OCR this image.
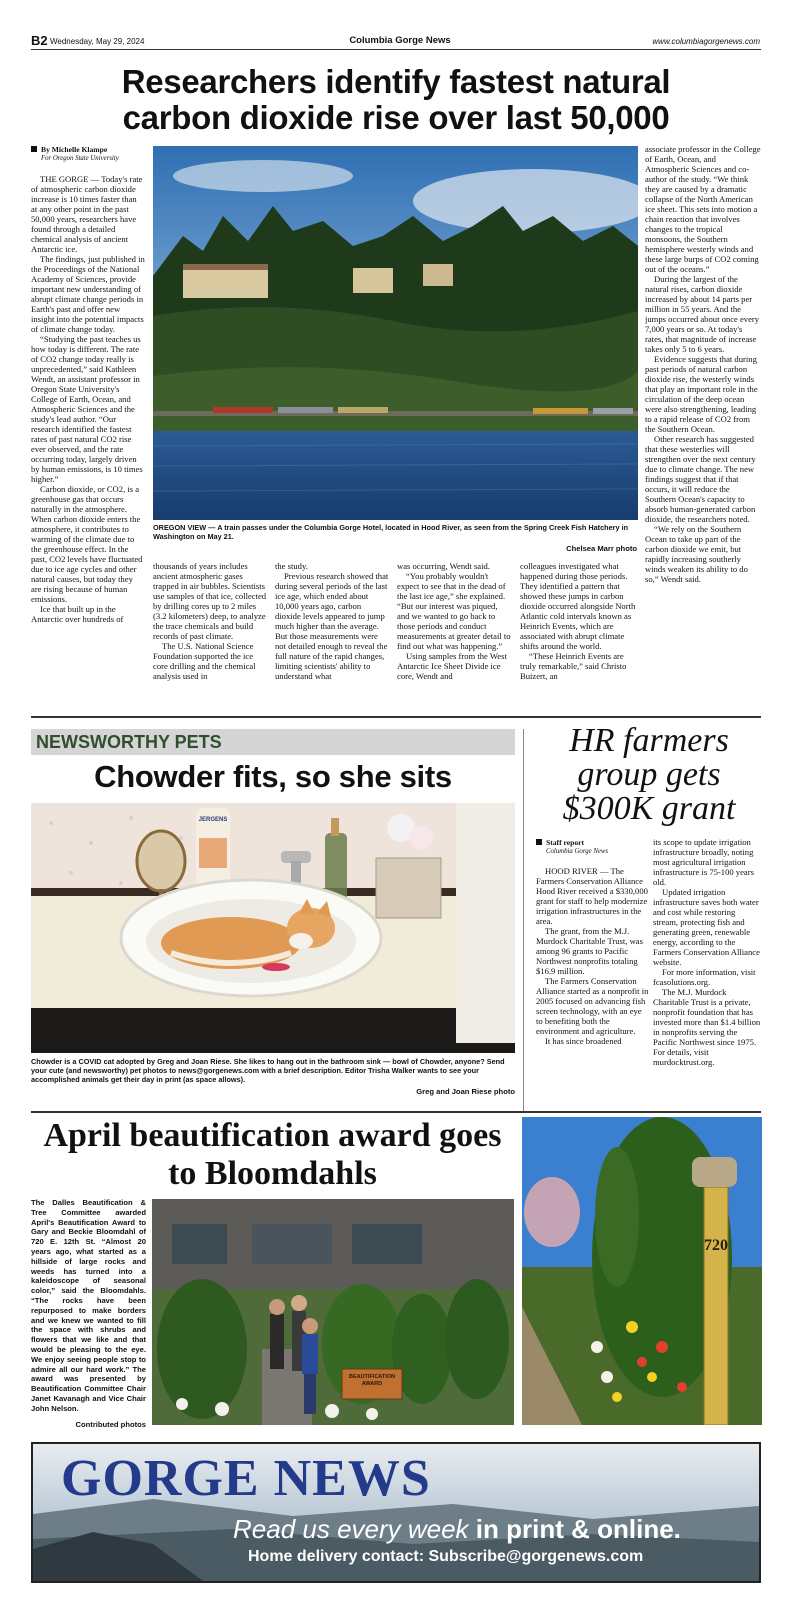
B2 Wednesday, May 29, 2024	Columbia Gorge News	www.columbiagorgenews.com
Researchers identify fastest natural carbon dioxide rise over last 50,000
By Michelle Klampe
For Oregon State University

THE GORGE — Today's rate of atmospheric carbon dioxide increase is 10 times faster than at any other point in the past 50,000 years, researchers have found through a detailed chemical analysis of ancient Antarctic ice.

The findings, just published in the Proceedings of the National Academy of Sciences, provide important new understanding of abrupt climate change periods in Earth's past and offer new insight into the potential impacts of climate change today.

“Studying the past teaches us how today is different. The rate of CO2 change today really is unprecedented,” said Kathleen Wendt, an assistant professor in Oregon State University's College of Earth, Ocean, and Atmospheric Sciences and the study's lead author. “Our research identified the fastest rates of past natural CO2 rise ever observed, and the rate occurring today, largely driven by human emissions, is 10 times higher.”

Carbon dioxide, or CO2, is a greenhouse gas that occurs naturally in the atmosphere. When carbon dioxide enters the atmosphere, it contributes to warming of the climate due to the greenhouse effect. In the past, CO2 levels have fluctuated due to ice age cycles and other natural causes, but today they are rising because of human emissions.

Ice that built up in the Antarctic over hundreds of

OREGON VIEW — A train passes under the Columbia Gorge Hotel, located in Hood River, as seen from the Spring Creek Fish Hatchery in Washington on May 21.
Chelsea Marr photo

thousands of years includes ancient atmospheric gases trapped in air bubbles. Scientists use samples of that ice, collected by drilling cores up to 2 miles (3.2 kilometers) deep, to analyze the trace chemicals and build records of past climate.

The U.S. National Science Foundation supported the ice core drilling and the chemical analysis used in

the study.

Previous research showed that during several periods of the last ice age, which ended about 10,000 years ago, carbon dioxide levels appeared to jump much higher than the average. But those measurements were not detailed enough to reveal the full nature of the rapid changes, limiting scientists' ability to understand what

was occurring, Wendt said.

“You probably wouldn't expect to see that in the dead of the last ice age,” she explained. “But our interest was piqued, and we wanted to go back to those periods and conduct measurements at greater detail to find out what was happening.”

Using samples from the West Antarctic Ice Sheet Divide ice core, Wendt and

colleagues investigated what happened during those periods. They identified a pattern that showed these jumps in carbon dioxide occurred alongside North Atlantic cold intervals known as Heinrich Events, which are associated with abrupt climate shifts around the world.

“These Heinrich Events are truly remarkable,” said Christo Buizert, an

associate professor in the College of Earth, Ocean, and Atmospheric Sciences and co-author of the study. “We think they are caused by a dramatic collapse of the North American ice sheet. This sets into motion a chain reaction that involves changes to the tropical monsoons, the Southern hemisphere westerly winds and these large burps of CO2 coming out of the oceans.”

During the largest of the natural rises, carbon dioxide increased by about 14 parts per million in 55 years. And the jumps occurred about once every 7,000 years or so. At today's rates, that magnitude of increase takes only 5 to 6 years.

Evidence suggests that during past periods of natural carbon dioxide rise, the westerly winds that play an important role in the circulation of the deep ocean were also strengthening, leading to a rapid release of CO2 from the Southern Ocean.

Other research has suggested that these westerlies will strengthen over the next century due to climate change. The new findings suggest that if that occurs, it will reduce the Southern Ocean's capacity to absorb human-generated carbon dioxide, the researchers noted.

“We rely on the Southern Ocean to take up part of the carbon dioxide we emit, but rapidly increasing southerly winds weaken its ability to do so,” Wendt said.

NEWSWORTHY PETS
Chowder fits, so she sits
JERGENS
Chowder is a COVID cat adopted by Greg and Joan Riese. She likes to hang out in the bathroom sink — bowl of Chowder, anyone? Send your cute (and newsworthy) pet photos to news@gorgenews.com with a brief description. Editor Trisha Walker wants to see your accomplished animals get their day in print (as space allows).
Greg and Joan Riese photo
HR farmers group gets $300K grant
Staff report
Columbia Gorge News

HOOD RIVER — The Farmers Conservation Alliance Hood River received a $330,000 grant for staff to help modernize irrigation infrastructures in the area.

The grant, from the M.J. Murdock Charitable Trust, was among 96 grants to Pacific Northwest nonprofits totaling $16.9 million.

The Farmers Conservation Alliance started as a nonprofit in 2005 focused on advancing fish screen technology, with an eye to benefiting both the environment and agriculture.

It has since broadened

its scope to update irrigation infrastructure broadly, noting most agricultural irrigation infrastructure is 75-100 years old.

Updated irrigation infrastructure saves both water and cost while restoring stream, protecting fish and generating green, renewable energy, according to the Farmers Conservation Alliance website.

For more information, visit fcasolutions.org.

The M.J. Murdock Charitable Trust is a private, nonprofit foundation that has invested more than $1.4 billion in nonprofits serving the Pacific Northwest since 1975. For details, visit murdocktrust.org.

April beautification award goes to Bloomdahls
The Dalles Beautification & Tree Committee awarded April's Beautification Award to Gary and Beckie Bloomdahl of 720 E. 12th St. “Almost 20 years ago, what started as a hillside of large rocks and weeds has turned into a kaleidoscope of seasonal color,” said the Bloomdahls. “The rocks have been repurposed to make borders and we knew we wanted to fill the space with shrubs and flowers that we like and that would be pleasing to the eye. We enjoy seeing people stop to admire all our hard work.” The award was presented by Beautification Committee Chair Janet Kavanagh and Vice Chair John Nelson.
Contributed photos
BEAUTIFICATION AWARD
720
GORGE NEWS
Read us every week in print & online.
Home delivery contact: Subscribe@gorgenews.com
